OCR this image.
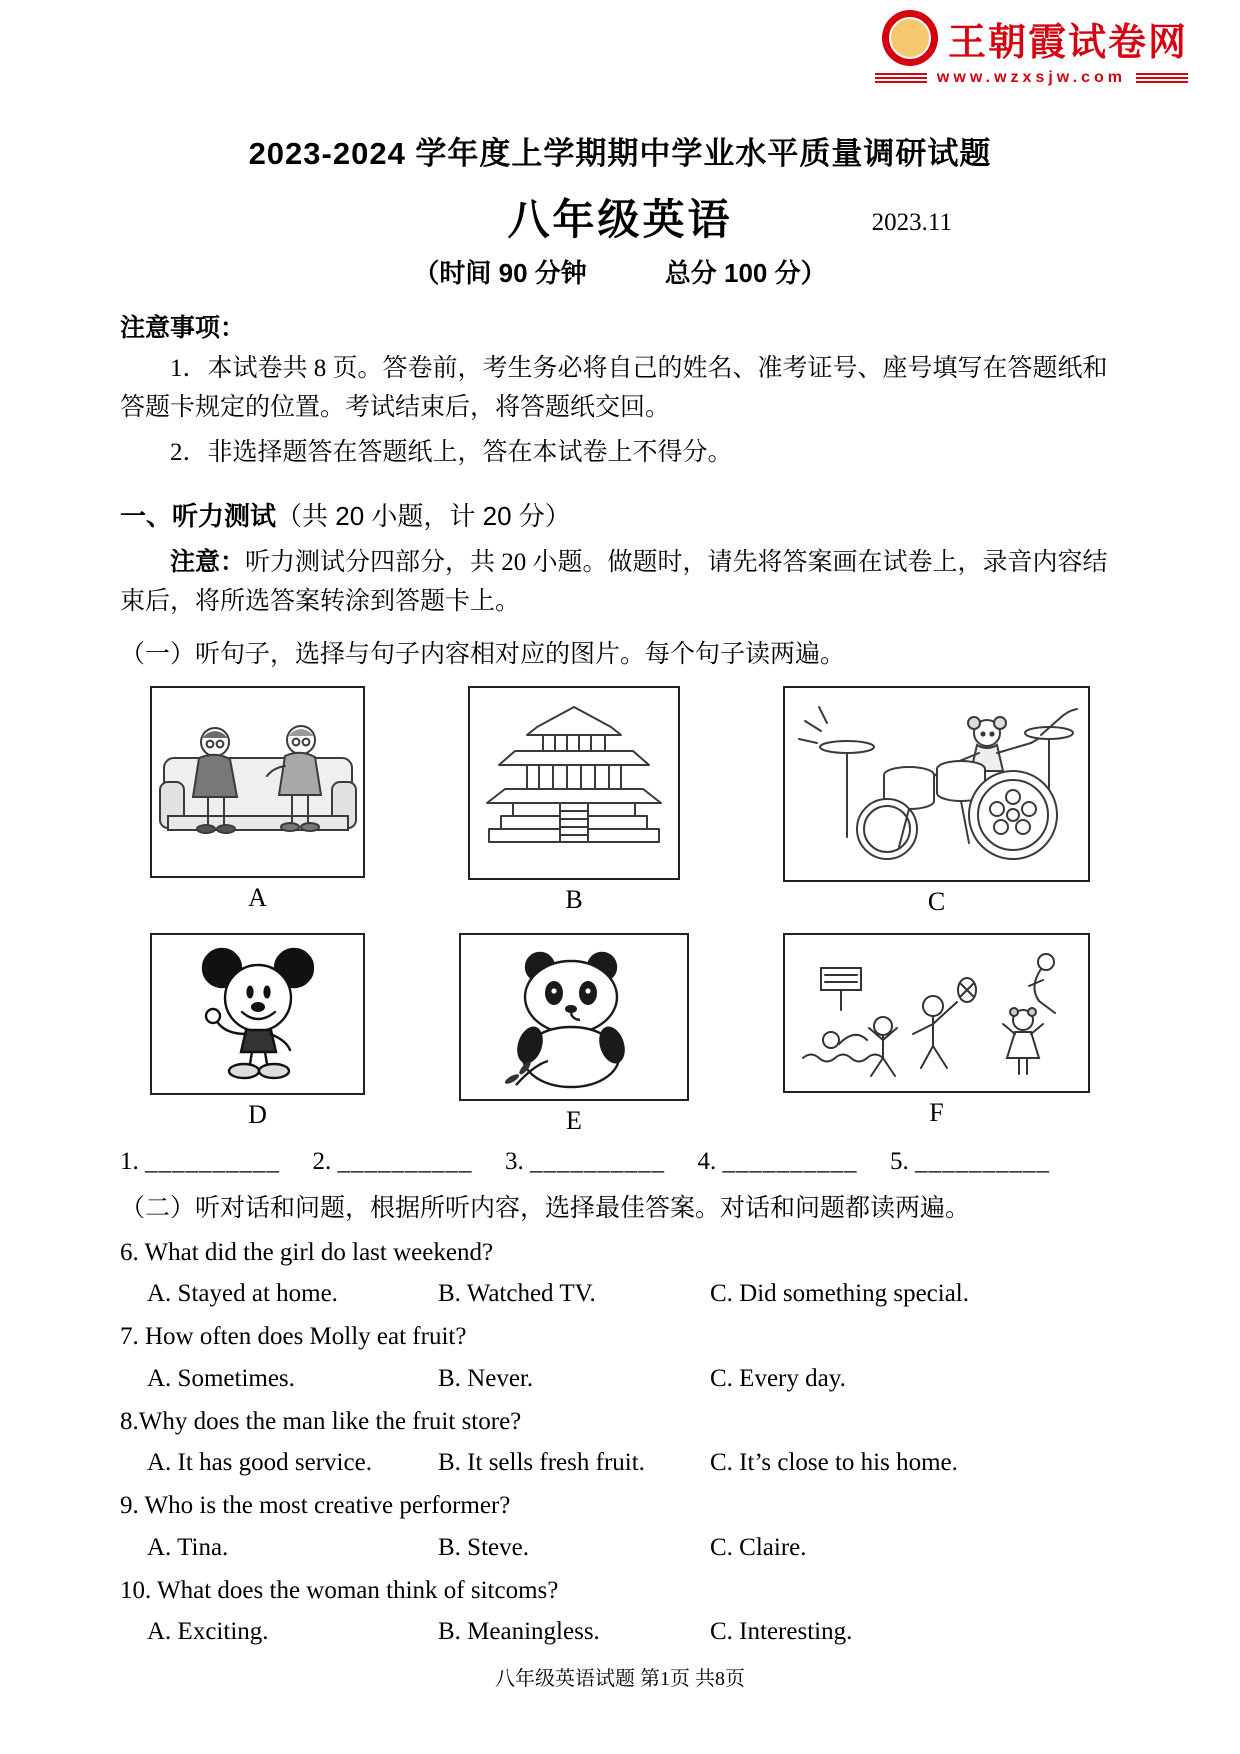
王朝霞试卷网
www.wzxsjw.com
2023-2024 学年度上学期期中学业水平质量调研试题
八年级英语	2023.11
（时间 90 分钟　　　总分 100 分）
注意事项：

1．本试卷共 8 页。答卷前，考生务必将自己的姓名、准考证号、座号填写在答题纸和答题卡规定的位置。考试结束后，将答题纸交回。

2．非选择题答在答题纸上，答在本试卷上不得分。

一、听力测试（共 20 小题，计 20 分）

注意：听力测试分四部分，共 20 小题。做题时，请先将答案画在试卷上，录音内容结束后，将所选答案转涂到答题卡上。

（一）听句子，选择与句子内容相对应的图片。每个句子读两遍。
A	B	C
D	E	F
1. __________ 2. __________ 3. __________ 4. __________ 5. __________
（二）听对话和问题，根据所听内容，选择最佳答案。对话和问题都读两遍。
6. What did the girl do last weekend?
A. Stayed at home.	B. Watched TV.	C. Did something special.
7. How often does Molly eat fruit?
A. Sometimes.	B. Never.	C. Every day.
8.Why does the man like the fruit store?
A. It has good service.	B. It sells fresh fruit.	C. It’s close to his home.
9. Who is the most creative performer?
A. Tina.	B. Steve.	C. Claire.
10. What does the woman think of sitcoms?
A. Exciting.	B. Meaningless.	C. Interesting.
八年级英语试题 第1页 共8页
